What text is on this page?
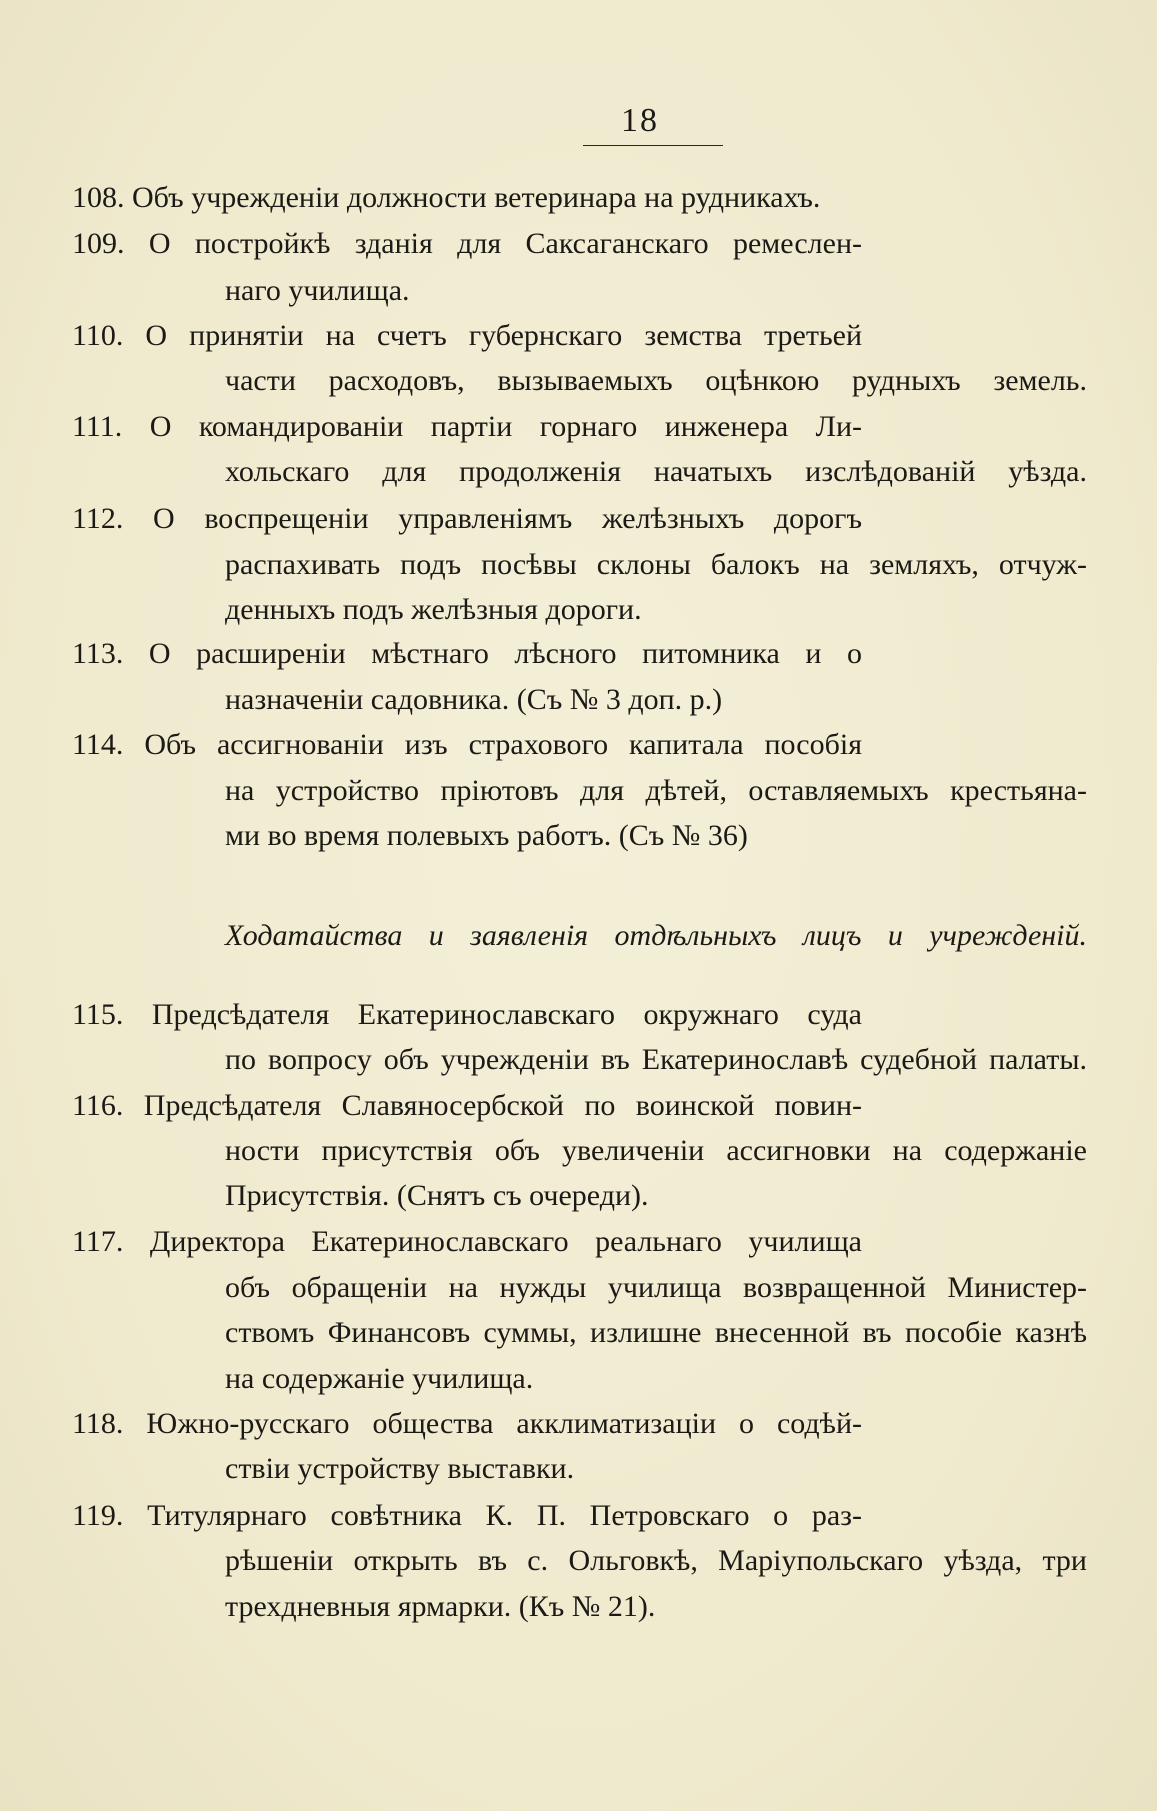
18
108. Объ учрежденіи должности ветеринара на рудникахъ.
109. О постройкѣ зданія для Саксаганскаго ремеслен-
наго училища.
110. О принятіи на счетъ губернскаго земства третьей
части расходовъ, вызываемыхъ оцѣнкою рудныхъ земель.
111. О командированіи партіи горнаго инженера Ли-
хольскаго для продолженія начатыхъ изслѣдованій уѣзда.
112. О воспрещеніи управленіямъ желѣзныхъ дорогъ
распахивать подъ посѣвы склоны балокъ на земляхъ, отчуж-
денныхъ подъ желѣзныя дороги.
113. О расширеніи мѣстнаго лѣсного питомника и о
назначеніи садовника. (Съ № 3 доп. р.)
114. Объ ассигнованіи изъ страхового капитала пособія
на устройство пріютовъ для дѣтей, оставляемыхъ крестьяна-
ми во время полевыхъ работъ. (Съ № 36)
Ходатайства и заявленія отдѣльныхъ лицъ и учрежденій.
115. Предсѣдателя Екатеринославскаго окружнаго суда
по вопросу объ учрежденіи въ Екатеринославѣ судебной палаты.
116. Предсѣдателя Славяносербской по воинской повин-
ности присутствія объ увеличеніи ассигновки на содержаніе
Присутствія. (Снятъ съ очереди).
117. Директора Екатеринославскаго реальнаго училища
объ обращеніи на нужды училища возвращенной Министер-
ствомъ Финансовъ суммы, излишне внесенной въ пособіе казнѣ
на содержаніе училища.
118. Южно-русскаго общества акклиматизаціи о содѣй-
ствіи устройству выставки.
119. Титулярнаго совѣтника К. П. Петровскаго о раз-
рѣшеніи открыть въ с. Ольговкѣ, Маріупольскаго уѣзда, три
трехдневныя ярмарки. (Къ № 21).
